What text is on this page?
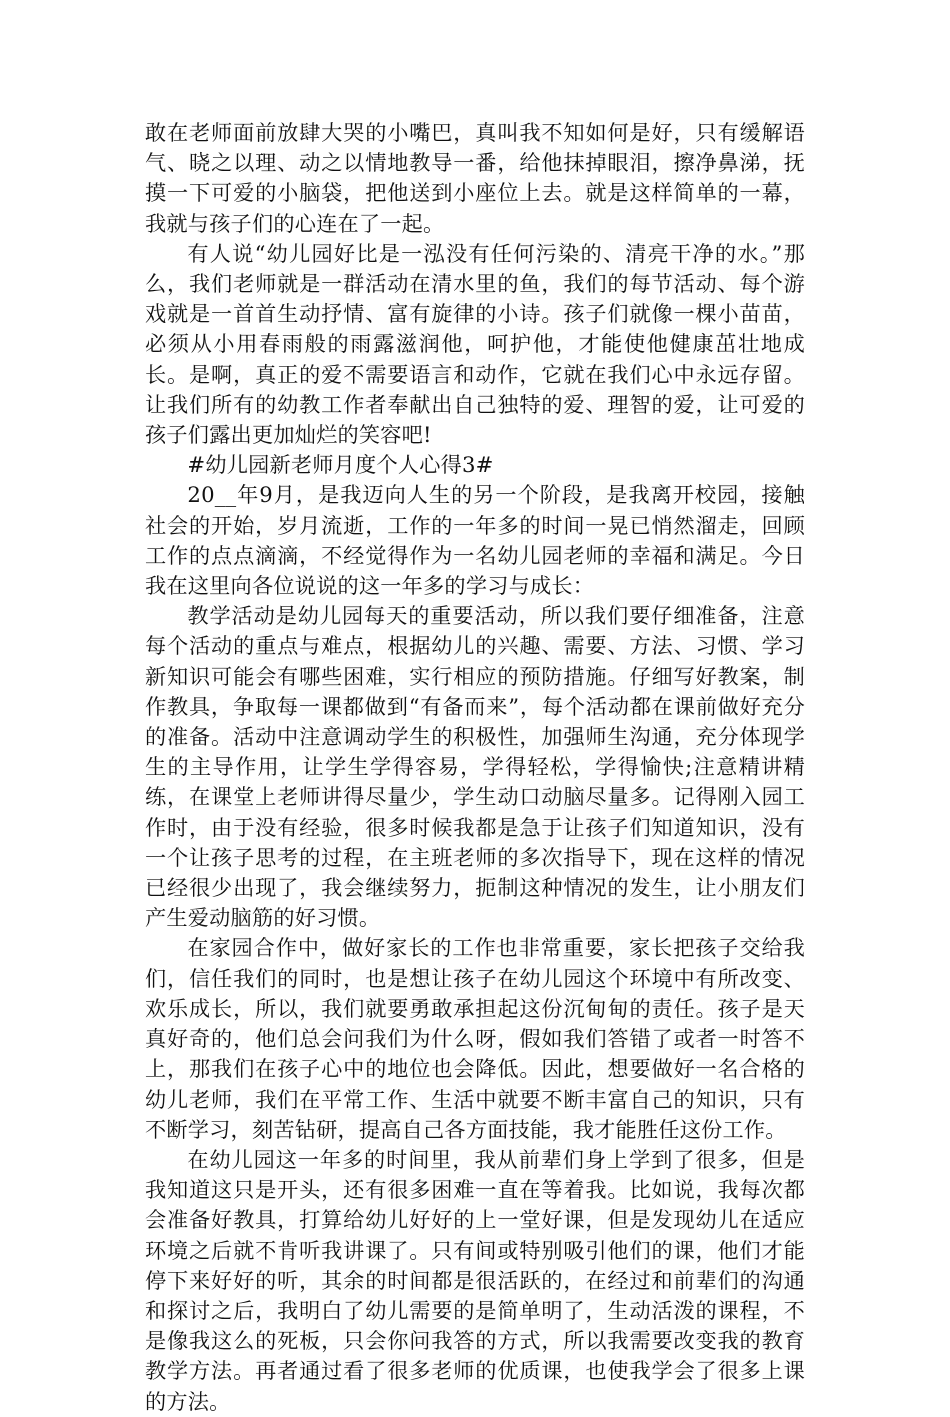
敢在老师面前放肆大哭的小嘴巴，真叫我不知如何是好，只有缓解语气、晓之以理、动之以情地教导一番，给他抹掉眼泪，擦净鼻涕，抚摸一下可爱的小脑袋，把他送到小座位上去。就是这样简单的一幕，我就与孩子们的心连在了一起。

有人说“幼儿园好比是一泓没有任何污染的、清亮干净的水。”那么，我们老师就是一群活动在清水里的鱼，我们的每节活动、每个游戏就是一首首生动抒情、富有旋律的小诗。孩子们就像一棵小苗苗，必须从小用春雨般的雨露滋润他，呵护他，才能使他健康茁壮地成长。是啊，真正的爱不需要语言和动作，它就在我们心中永远存留。让我们所有的幼教工作者奉献出自己独特的爱、理智的爱，让可爱的孩子们露出更加灿烂的笑容吧!

#幼儿园新老师月度个人心得3#

20__年9月，是我迈向人生的另一个阶段，是我离开校园，接触社会的开始，岁月流逝，工作的一年多的时间一晃已悄然溜走，回顾工作的点点滴滴，不经觉得作为一名幼儿园老师的幸福和满足。今日我在这里向各位说说的这一年多的学习与成长：

教学活动是幼儿园每天的重要活动，所以我们要仔细准备，注意每个活动的重点与难点，根据幼儿的兴趣、需要、方法、习惯、学习新知识可能会有哪些困难，实行相应的预防措施。仔细写好教案，制作教具，争取每一课都做到“有备而来”，每个活动都在课前做好充分的准备。活动中注意调动学生的积极性，加强师生沟通，充分体现学生的主导作用，让学生学得容易，学得轻松，学得愉快;注意精讲精练，在课堂上老师讲得尽量少，学生动口动脑尽量多。记得刚入园工作时，由于没有经验，很多时候我都是急于让孩子们知道知识，没有一个让孩子思考的过程，在主班老师的多次指导下，现在这样的情况已经很少出现了，我会继续努力，扼制这种情况的发生，让小朋友们产生爱动脑筋的好习惯。

在家园合作中，做好家长的工作也非常重要，家长把孩子交给我们，信任我们的同时，也是想让孩子在幼儿园这个环境中有所改变、欢乐成长，所以，我们就要勇敢承担起这份沉甸甸的责任。孩子是天真好奇的，他们总会问我们为什么呀，假如我们答错了或者一时答不上，那我们在孩子心中的地位也会降低。因此，想要做好一名合格的幼儿老师，我们在平常工作、生活中就要不断丰富自己的知识，只有不断学习，刻苦钻研，提高自己各方面技能，我才能胜任这份工作。

在幼儿园这一年多的时间里，我从前辈们身上学到了很多，但是我知道这只是开头，还有很多困难一直在等着我。比如说，我每次都会准备好教具，打算给幼儿好好的上一堂好课，但是发现幼儿在适应环境之后就不肯听我讲课了。只有间或特别吸引他们的课，他们才能停下来好好的听，其余的时间都是很活跃的，在经过和前辈们的沟通和探讨之后，我明白了幼儿需要的是简单明了，生动活泼的课程，不是像我这么的死板，只会你问我答的方式，所以我需要改变我的教育教学方法。再者通过看了很多老师的优质课，也使我学会了很多上课的方法。
